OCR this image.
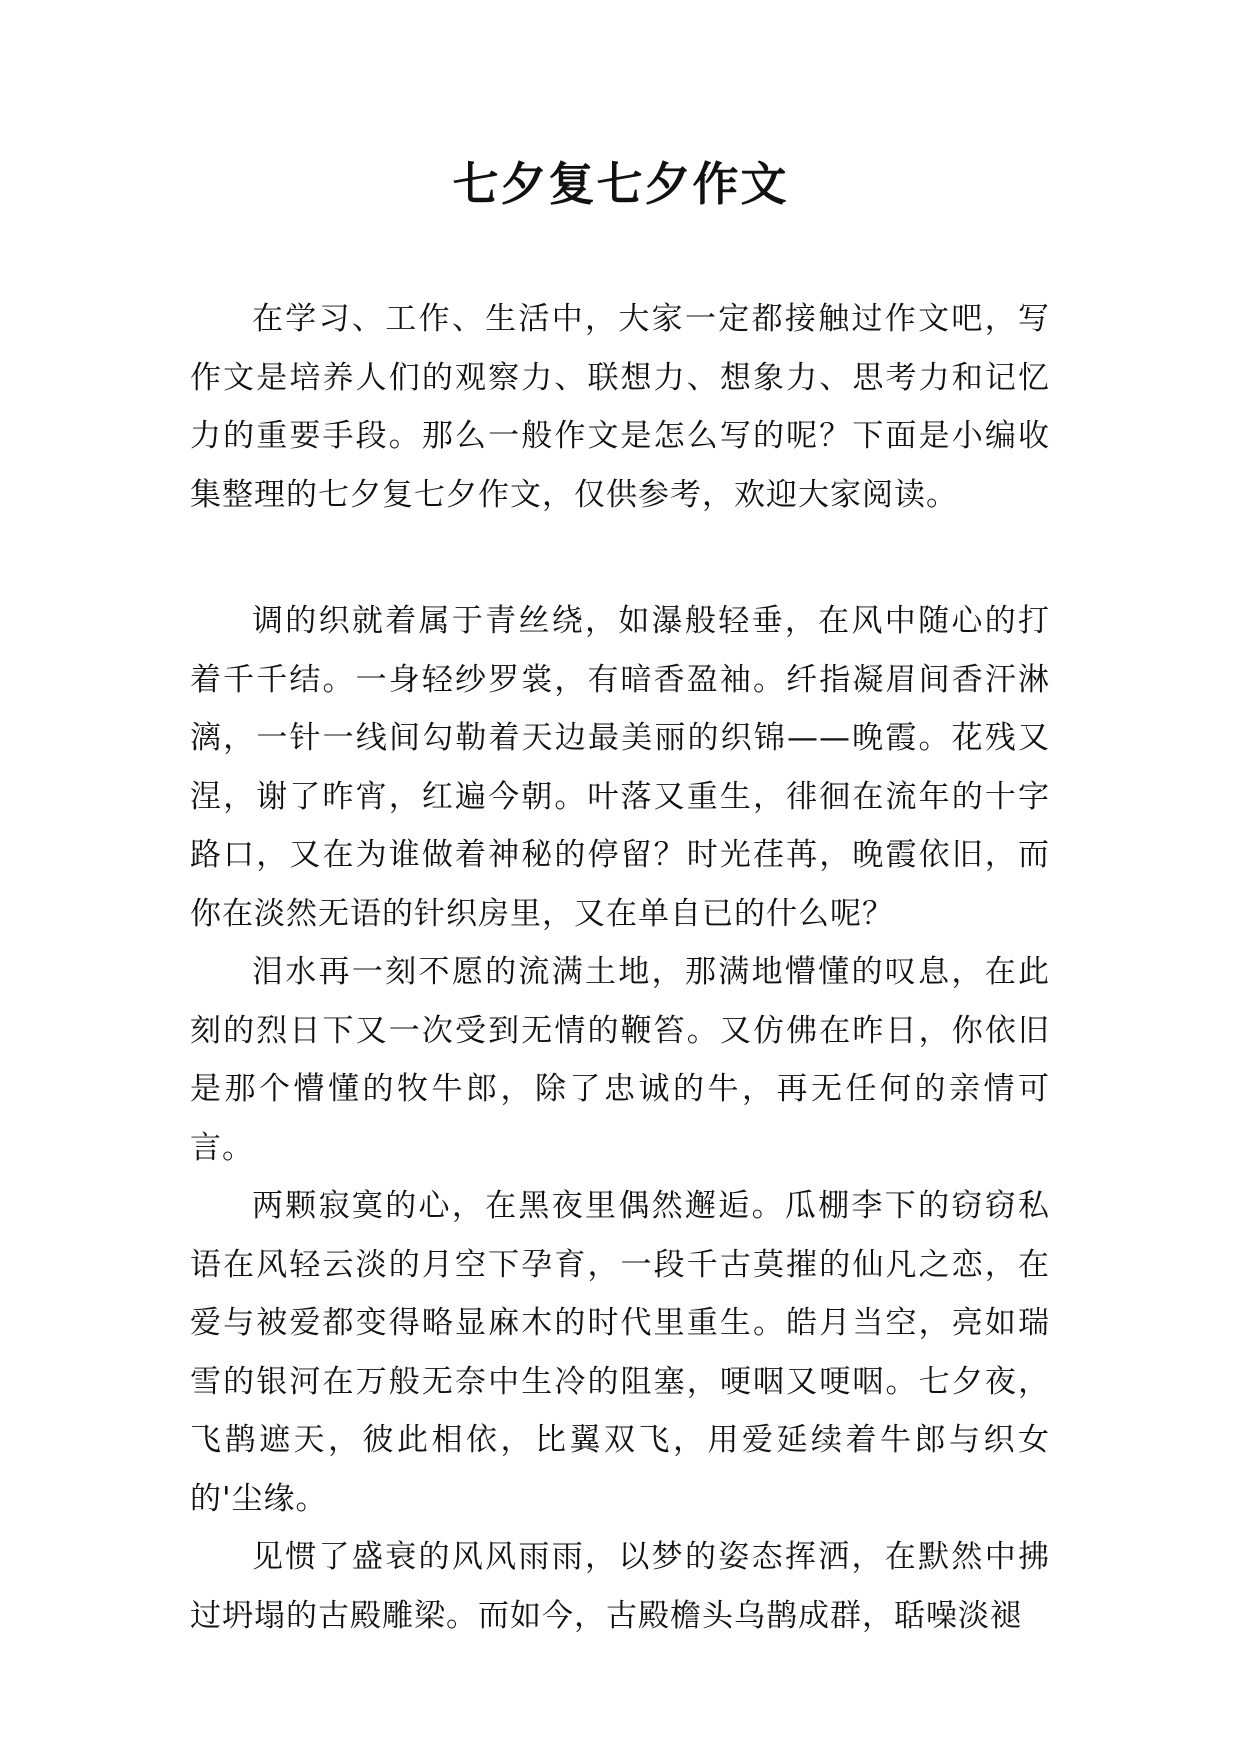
七夕复七夕作文

在学习、工作、生活中，大家一定都接触过作文吧，写作文是培养人们的观察力、联想力、想象力、思考力和记忆力的重要手段。那么一般作文是怎么写的呢？下面是小编收集整理的七夕复七夕作文，仅供参考，欢迎大家阅读。

调的织就着属于青丝绕，如瀑般轻垂，在风中随心的打着千千结。一身轻纱罗裳，有暗香盈袖。纤指凝眉间香汗淋漓，一针一线间勾勒着天边最美丽的织锦——晚霞。花残又涅，谢了昨宵，红遍今朝。叶落又重生，徘徊在流年的十字路口，又在为谁做着神秘的停留？时光荏苒，晚霞依旧，而你在淡然无语的针织房里，又在单自已的什么呢？

泪水再一刻不愿的流满土地，那满地懵懂的叹息，在此刻的烈日下又一次受到无情的鞭笞。又仿佛在昨日，你依旧是那个懵懂的牧牛郎，除了忠诚的牛，再无任何的亲情可言。

两颗寂寞的心，在黑夜里偶然邂逅。瓜棚李下的窃窃私语在风轻云淡的月空下孕育，一段千古莫摧的仙凡之恋，在爱与被爱都变得略显麻木的时代里重生。皓月当空，亮如瑞雪的银河在万般无奈中生冷的阻塞，哽咽又哽咽。七夕夜，飞鹊遮天，彼此相依，比翼双飞，用爱延续着牛郎与织女的'尘缘。

见惯了盛衰的风风雨雨，以梦的姿态挥洒，在默然中拂过坍塌的古殿雕梁。而如今，古殿檐头乌鹊成群，聒噪淡褪
